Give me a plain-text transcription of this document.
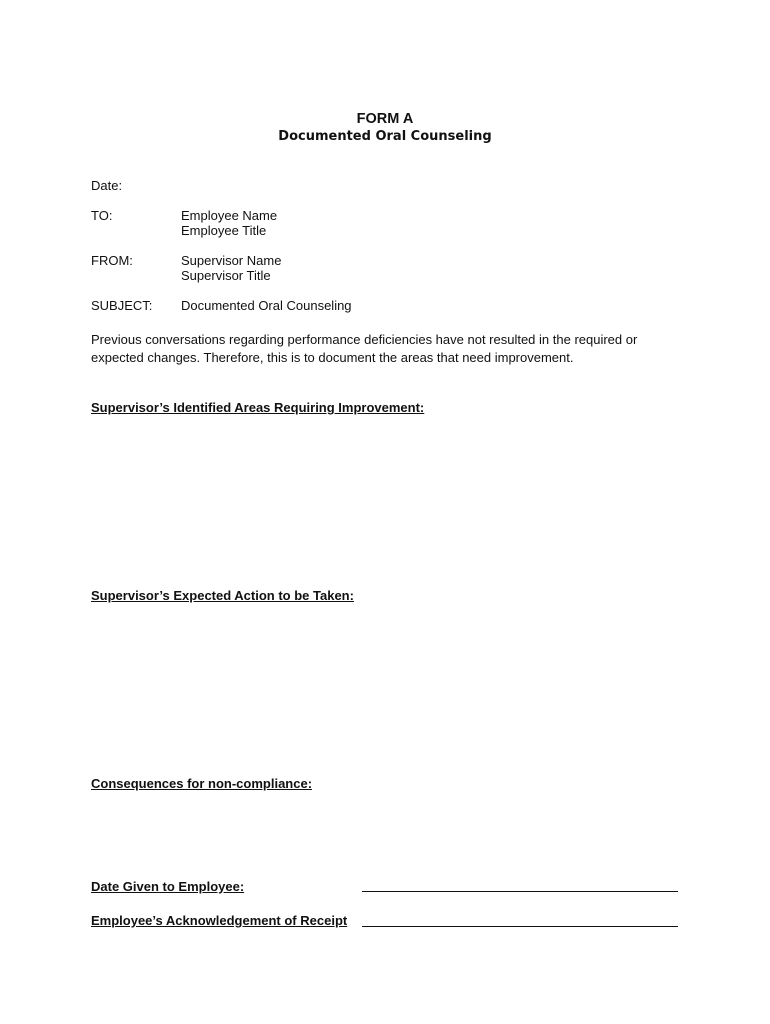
FORM A
Documented Oral Counseling
Date:
TO:	Employee Name
Employee Title
FROM:	Supervisor Name
Supervisor Title
SUBJECT: Documented Oral Counseling
Previous conversations regarding performance deficiencies have not resulted in the required or expected changes. Therefore, this is to document the areas that need improvement.
Supervisor’s Identified Areas Requiring Improvement:
Supervisor’s Expected Action to be Taken:
Consequences for non-compliance:
Date Given to Employee:
Employee’s Acknowledgement of Receipt
